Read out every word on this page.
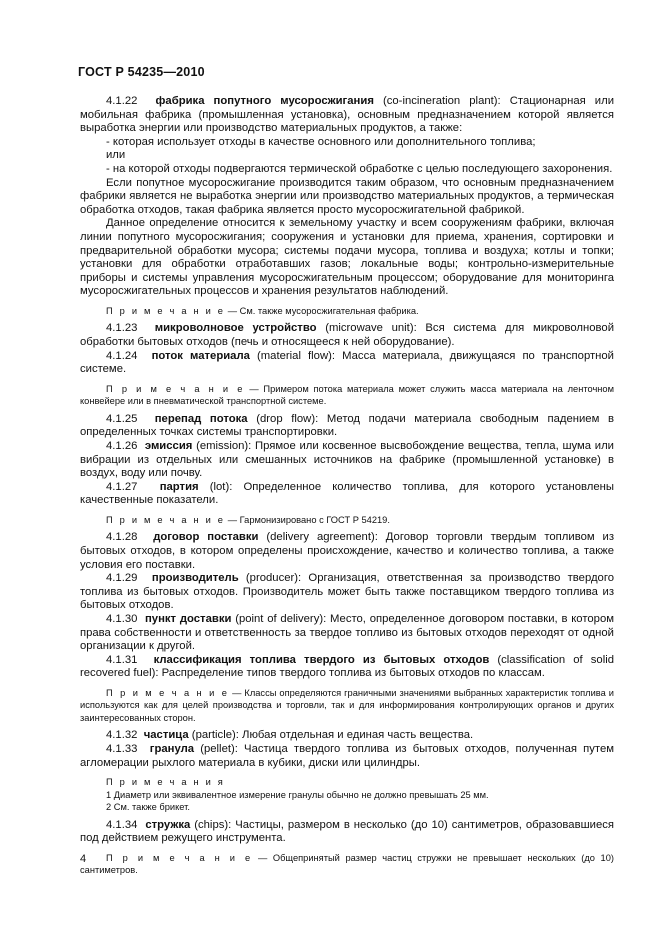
ГОСТ Р 54235—2010

4.1.22 фабрика попутного мусоросжигания (co-incineration plant): Стационарная или мобильная фабрика (промышленная установка), основным предназначением которой является выработка энергии или производство материальных продуктов, а также:

- которая использует отходы в качестве основного или дополнительного топлива;

или

- на которой отходы подвергаются термической обработке с целью последующего захоронения.

Если попутное мусоросжигание производится таким образом, что основным предназначением фабрики является не выработка энергии или производство материальных продуктов, а термическая обработка отходов, такая фабрика является просто мусоросжигательной фабрикой.

Данное определение относится к земельному участку и всем сооружениям фабрики, включая линии попутного мусоросжигания; сооружения и установки для приема, хранения, сортировки и предварительной обработки мусора; системы подачи мусора, топлива и воздуха; котлы и топки; установки для обработки отработавших газов; локальные воды; контрольно-измерительные приборы и системы управления мусоросжигательным процессом; оборудование для мониторинга мусоросжигательных процессов и хранения результатов наблюдений.

П р и м е ч а н и е — См. также мусоросжигательная фабрика.

4.1.23 микроволновое устройство (microwave unit): Вся система для микроволновой обработки бытовых отходов (печь и относящееся к ней оборудование).

4.1.24 поток материала (material flow): Масса материала, движущаяся по транспортной системе.

П р и м е ч а н и е — Примером потока материала может служить масса материала на ленточном конвейере или в пневматической транспортной системе.

4.1.25 перепад потока (drop flow): Метод подачи материала свободным падением в определенных точках системы транспортировки.

4.1.26 эмиссия (emission): Прямое или косвенное высвобождение вещества, тепла, шума или вибрации из отдельных или смешанных источников на фабрике (промышленной установке) в воздух, воду или почву.

4.1.27 партия (lot): Определенное количество топлива, для которого установлены качественные показатели.

П р и м е ч а н и е — Гармонизировано с ГОСТ Р 54219.

4.1.28 договор поставки (delivery agreement): Договор торговли твердым топливом из бытовых отходов, в котором определены происхождение, качество и количество топлива, а также условия его поставки.

4.1.29 производитель (producer): Организация, ответственная за производство твердого топлива из бытовых отходов. Производитель может быть также поставщиком твердого топлива из бытовых отходов.

4.1.30 пункт доставки (point of delivery): Место, определенное договором поставки, в котором права собственности и ответственность за твердое топливо из бытовых отходов переходят от одной организации к другой.

4.1.31 классификация топлива твердого из бытовых отходов (classification of solid recovered fuel): Распределение типов твердого топлива из бытовых отходов по классам.

П р и м е ч а н и е — Классы определяются граничными значениями выбранных характеристик топлива и используются как для целей производства и торговли, так и для информирования контролирующих органов и других заинтересованных сторон.

4.1.32 частица (particle): Любая отдельная и единая часть вещества.

4.1.33 гранула (pellet): Частица твердого топлива из бытовых отходов, полученная путем агломерации рыхлого материала в кубики, диски или цилиндры.

П р и м е ч а н и я

1 Диаметр или эквивалентное измерение гранулы обычно не должно превышать 25 мм.

2 См. также брикет.

4.1.34 стружка (chips): Частицы, размером в несколько (до 10) сантиметров, образовавшиеся под действием режущего инструмента.

П р и м е ч а н и е — Общепринятый размер частиц стружки не превышает нескольких (до 10) сантиметров.

4
